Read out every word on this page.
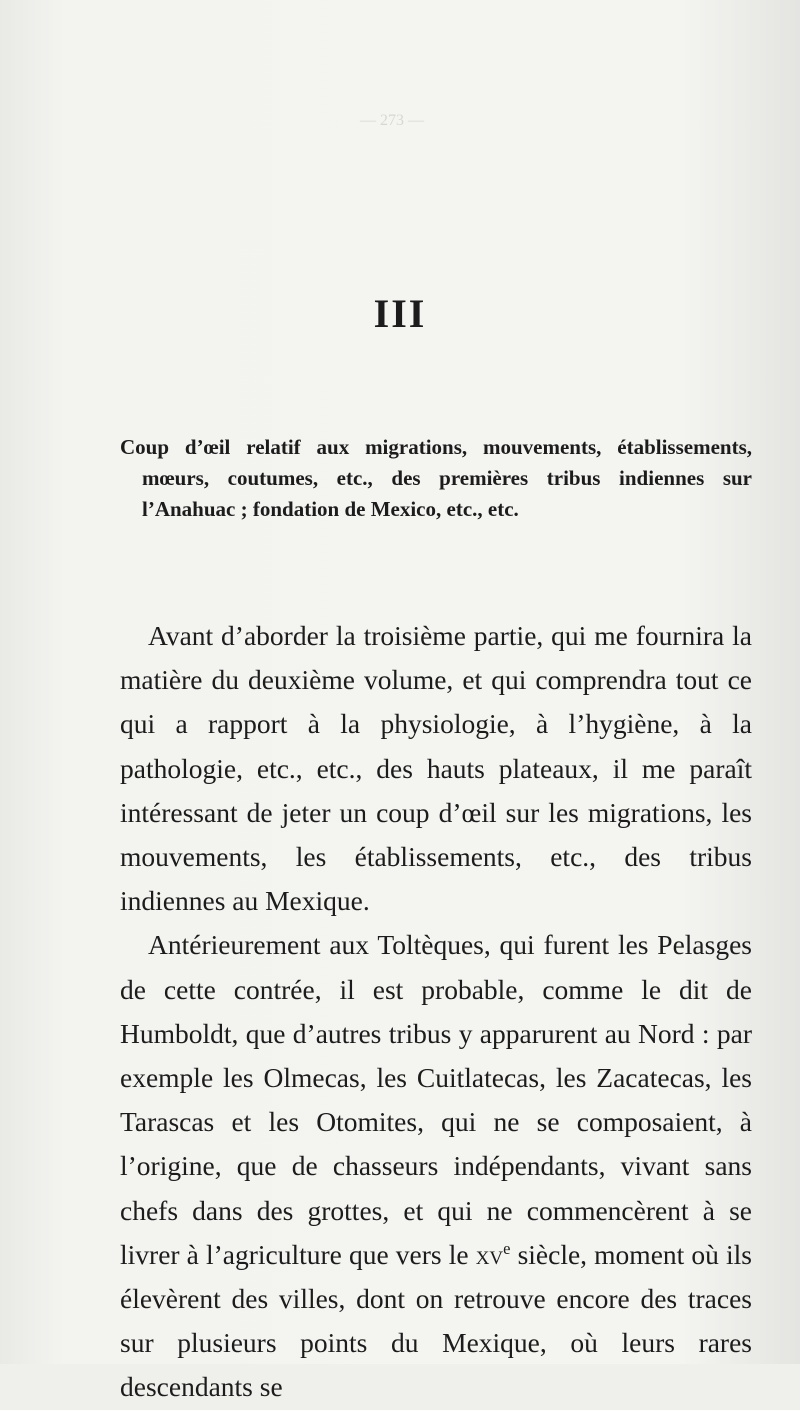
— 273 —
III

Coup d’œil relatif aux migrations, mouvements, établissements, mœurs, coutumes, etc., des premières tribus indiennes sur l’Anahuac ; fondation de Mexico, etc., etc.

Avant d’aborder la troisième partie, qui me fournira la matière du deuxième volume, et qui comprendra tout ce qui a rapport à la physiologie, à l’hygiène, à la pathologie, etc., etc., des hauts plateaux, il me paraît intéressant de jeter un coup d’œil sur les migrations, les mouvements, les établissements, etc., des tribus indiennes au Mexique.

Antérieurement aux Toltèques, qui furent les Pelasges de cette contrée, il est probable, comme le dit de Humboldt, que d’autres tribus y apparurent au Nord : par exemple les Olmecas, les Cuitlatecas, les Zacatecas, les Tarascas et les Otomites, qui ne se composaient, à l’origine, que de chasseurs indépendants, vivant sans chefs dans des grottes, et qui ne commencèrent à se livrer à l’agriculture que vers le $xv^e$ siècle, moment où ils élevèrent des villes, dont on retrouve encore des traces sur plusieurs points du Mexique, où leurs rares descendants se
